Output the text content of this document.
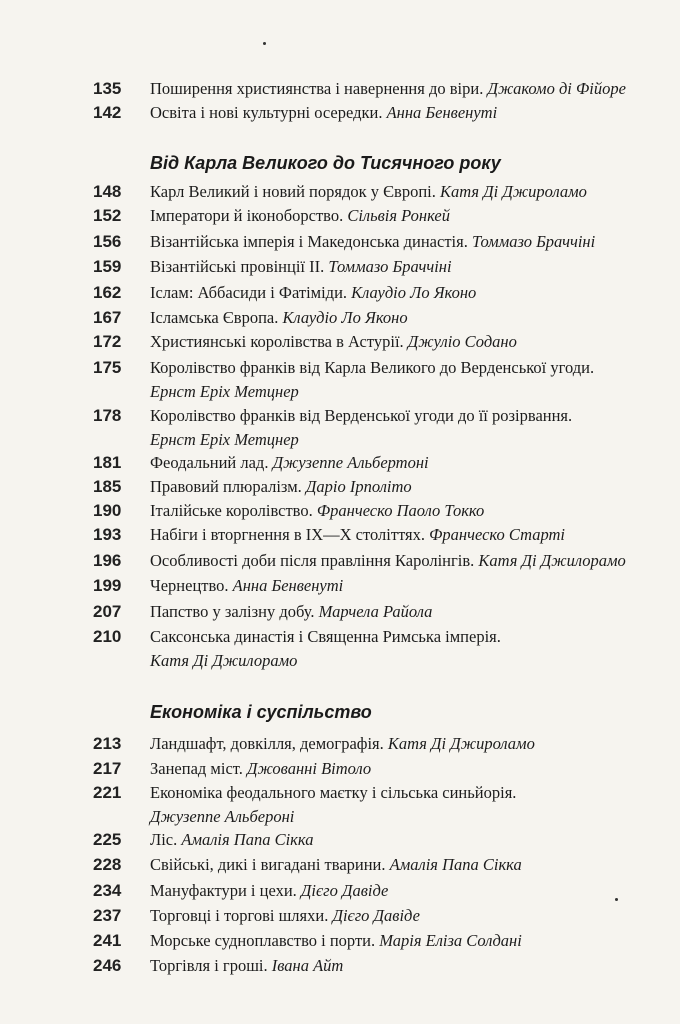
135	Поширення християнства і навернення до віри. Джакомо ді Фійоре
142	Освіта і нові культурні осередки. Анна Бенвенуті
Від Карла Великого до Тисячного року
148	Карл Великий і новий порядок у Європі. Катя Ді Джироламо
152	Імператори й іконоборство. Сільвія Ронкей
156	Візантійська імперія і Македонська династія. Томмазо Браччіні
159	Візантійські провінції II. Томмазо Браччіні
162	Іслам: Аббасиди і Фатіміди. Клаудіо Ло Яконо
167	Ісламська Європа. Клаудіо Ло Яконо
172	Християнські королівства в Астурії. Джуліо Содано
175	Королівство франків від Карла Великого до Верденської угоди.
Ернст Еріх Метцнер
178	Королівство франків від Верденської угоди до її розірвання.
Ернст Еріх Метцнер
181	Феодальний лад. Джузеппе Альбертоні
185	Правовий плюралізм. Даріо Ipполіто
190	Італійське королівство. Франческо Паоло Токко
193	Набіги і вторгнення в IX—X століттях. Франческо Старті
196	Особливості доби після правління Каролінгів. Катя Ді Джилорамо
199	Чернецтво. Анна Бенвенуті
207	Папство у залізну добу. Марчела Райола
210	Саксонська династія і Священна Римська імперія.
Катя Ді Джилорамо
Економіка і суспільство
213	Ландшафт, довкілля, демографія. Катя Ді Джироламо
217	Занепад міст. Джованні Вітоло
221	Економіка феодального маєтку і сільська синьйорія.
Джузеппе Альбероні
225	Ліс. Амалія Папа Сікка
228	Свійські, дикі і вигадані тварини. Амалія Папа Сікка
234	Мануфактури і цехи. Дієго Давіде
237	Торговці і торгові шляхи. Дієго Давіде
241	Морське судноплавство і порти. Марія Еліза Солдані
246	Торгівля і гроші. Івана Айт
